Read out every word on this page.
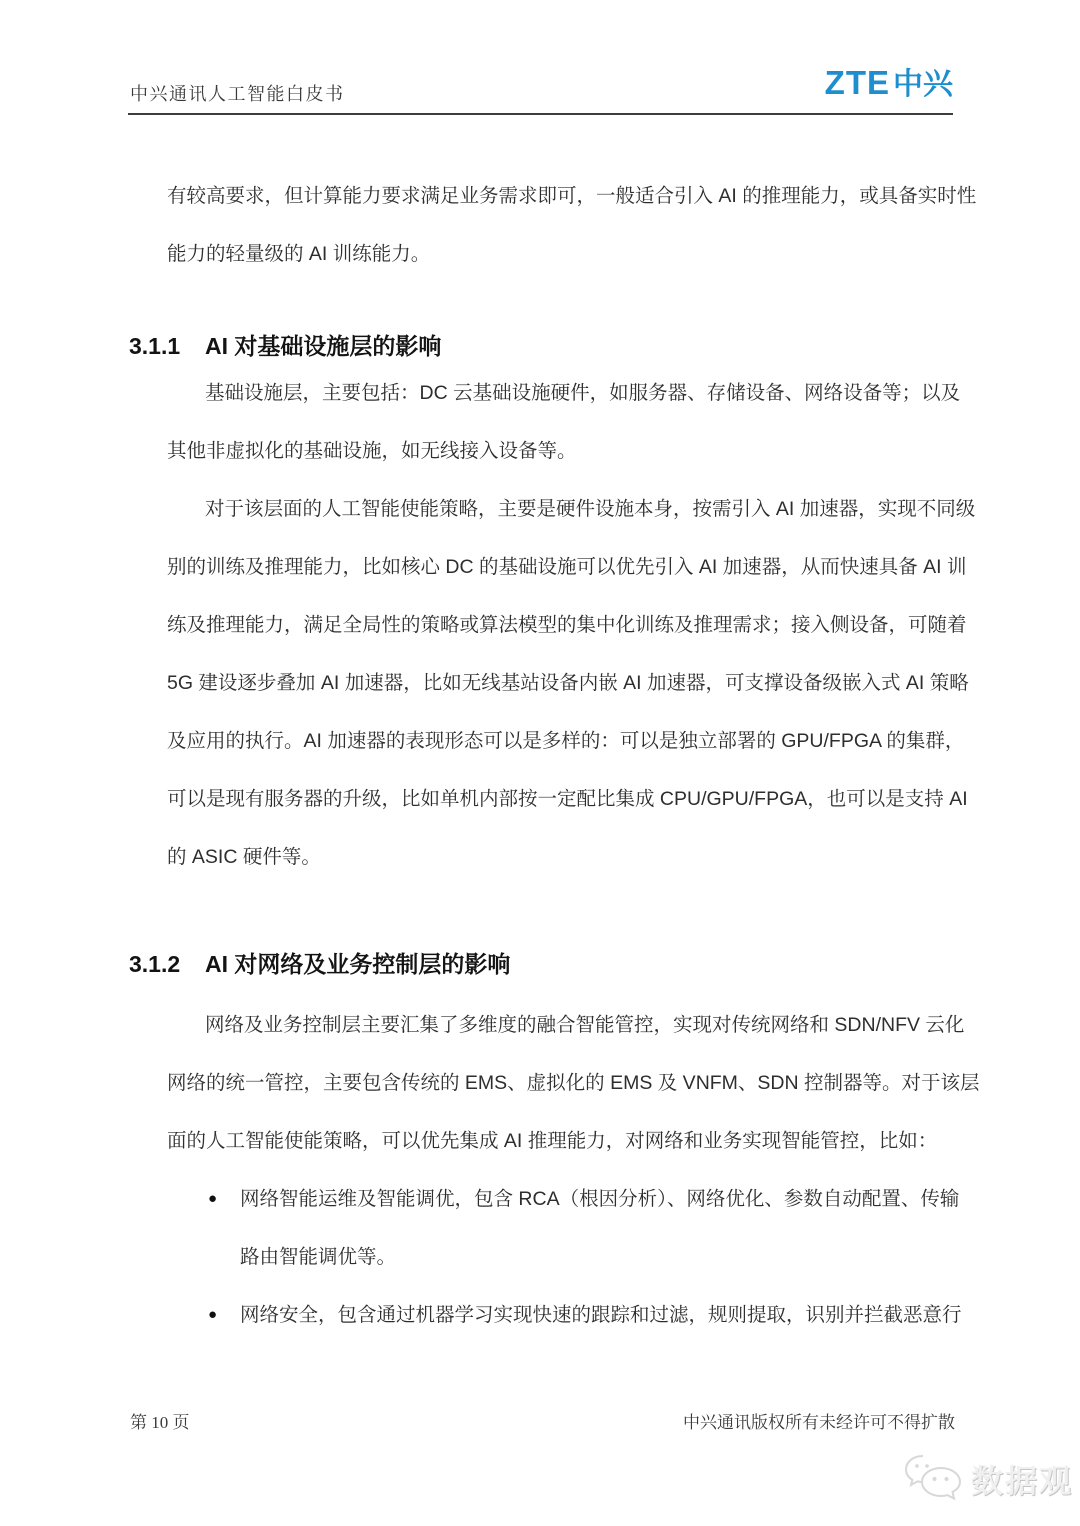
中兴通讯人工智能白皮书	ZTE 中兴
有较高要求，但计算能力要求满足业务需求即可，一般适合引入 AI 的推理能力，或具备实时性
能力的轻量级的 AI 训练能力。
3.1.1 AI 对基础设施层的影响
基础设施层，主要包括：DC 云基础设施硬件，如服务器、存储设备、网络设备等；以及
其他非虚拟化的基础设施，如无线接入设备等。
对于该层面的人工智能使能策略，主要是硬件设施本身，按需引入 AI 加速器，实现不同级
别的训练及推理能力，比如核心 DC 的基础设施可以优先引入 AI 加速器，从而快速具备 AI 训
练及推理能力，满足全局性的策略或算法模型的集中化训练及推理需求；接入侧设备，可随着
5G 建设逐步叠加 AI 加速器，比如无线基站设备内嵌 AI 加速器，可支撑设备级嵌入式 AI 策略
及应用的执行。AI 加速器的表现形态可以是多样的：可以是独立部署的 GPU/FPGA 的集群，
可以是现有服务器的升级，比如单机内部按一定配比集成 CPU/GPU/FPGA，也可以是支持 AI
的 ASIC 硬件等。
3.1.2 AI 对网络及业务控制层的影响
网络及业务控制层主要汇集了多维度的融合智能管控，实现对传统网络和 SDN/NFV 云化
网络的统一管控，主要包含传统的 EMS、虚拟化的 EMS 及 VNFM、SDN 控制器等。对于该层
面的人工智能使能策略，可以优先集成 AI 推理能力，对网络和业务实现智能管控，比如：
● 网络智能运维及智能调优，包含 RCA（根因分析）、网络优化、参数自动配置、传输
路由智能调优等。
● 网络安全，包含通过机器学习实现快速的跟踪和过滤，规则提取，识别并拦截恶意行
第 10 页	中兴通讯版权所有未经许可不得扩散
数据观
